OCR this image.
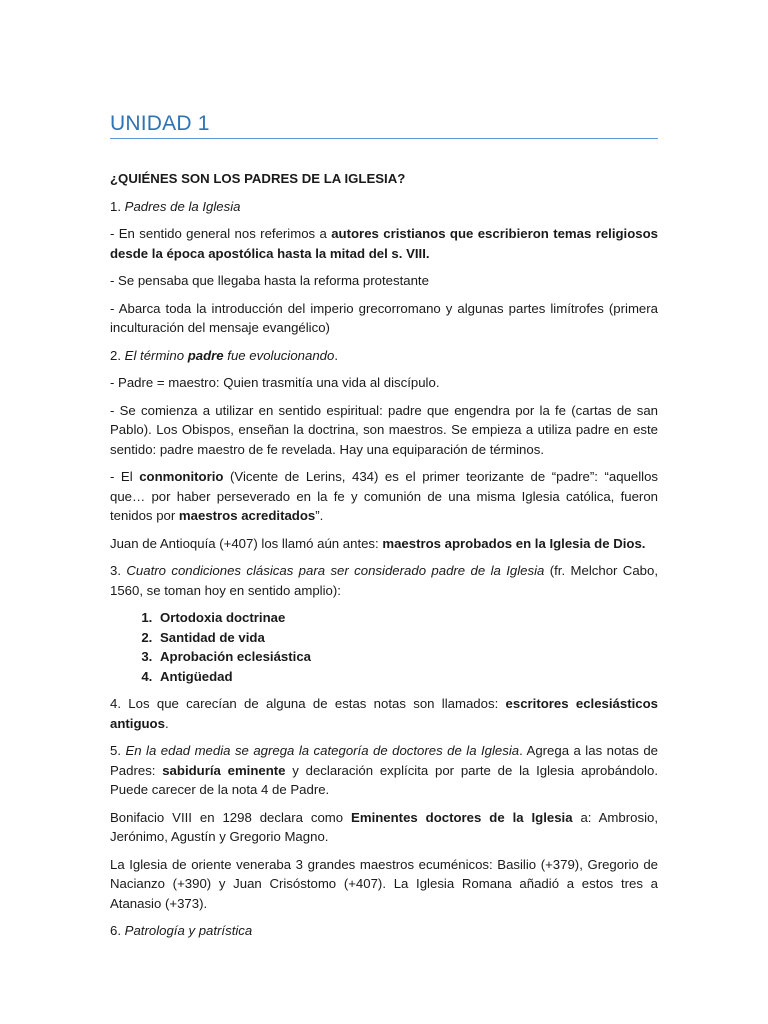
UNIDAD 1

¿QUIÉNES SON LOS PADRES DE LA IGLESIA?

1. Padres de la Iglesia

- En sentido general nos referimos a autores cristianos que escribieron temas religiosos desde la época apostólica hasta la mitad del s. VIII.

- Se pensaba que llegaba hasta la reforma protestante

- Abarca toda la introducción del imperio grecorromano y algunas partes limítrofes (primera inculturación del mensaje evangélico)

2. El término padre fue evolucionando.

- Padre = maestro: Quien trasmitía una vida al discípulo.

- Se comienza a utilizar en sentido espiritual: padre que engendra por la fe (cartas de san Pablo). Los Obispos, enseñan la doctrina, son maestros. Se empieza a utiliza padre en este sentido: padre maestro de fe revelada. Hay una equiparación de términos.

- El conmonitorio (Vicente de Lerins, 434) es el primer teorizante de “padre”: “aquellos que… por haber perseverado en la fe y comunión de una misma Iglesia católica, fueron tenidos por maestros acreditados”.

Juan de Antioquía (+407) los llamó aún antes: maestros aprobados en la Iglesia de Dios.

3. Cuatro condiciones clásicas para ser considerado padre de la Iglesia (fr. Melchor Cabo, 1560, se toman hoy en sentido amplio):

1. Ortodoxia doctrinae
2. Santidad de vida
3. Aprobación eclesiástica
4. Antigüedad

4. Los que carecían de alguna de estas notas son llamados: escritores eclesiásticos antiguos.

5. En la edad media se agrega la categoría de doctores de la Iglesia. Agrega a las notas de Padres: sabiduría eminente y declaración explícita por parte de la Iglesia aprobándolo. Puede carecer de la nota 4 de Padre.

Bonifacio VIII en 1298 declara como Eminentes doctores de la Iglesia a: Ambrosio, Jerónimo, Agustín y Gregorio Magno.

La Iglesia de oriente veneraba 3 grandes maestros ecuménicos: Basilio (+379), Gregorio de Nacianzo (+390) y Juan Crisóstomo (+407). La Iglesia Romana añadió a estos tres a Atanasio (+373).

6. Patrología y patrística
